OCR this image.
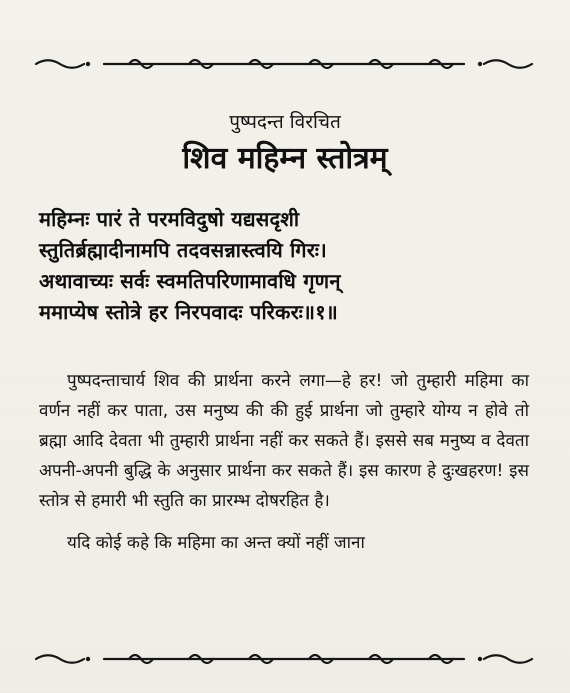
पुष्पदन्त विरचित
शिव महिम्न स्तोत्रम्
महिम्नः पारं ते परमविदुषो यद्यसदृशी
स्तुतिर्ब्रह्मादीनामपि तदवसन्नास्त्वयि गिरः।
अथावाच्यः सर्वः स्वमतिपरिणामावधि गृणन्
ममाप्येष स्तोत्रे हर निरपवादः परिकरः॥१॥

पुष्पदन्ताचार्य शिव की प्रार्थना करने लगा—हे हर! जो तुम्हारी महिमा का वर्णन नहीं कर पाता, उस मनुष्य की की हुई प्रार्थना जो तुम्हारे योग्य न होवे तो ब्रह्मा आदि देवता भी तुम्हारी प्रार्थना नहीं कर सकते हैं। इससे सब मनुष्य व देवता अपनी-अपनी बुद्धि के अनुसार प्रार्थना कर सकते हैं। इस कारण हे दुःखहरण! इस स्तोत्र से हमारी भी स्तुति का प्रारम्भ दोषरहित है।

यदि कोई कहे कि महिमा का अन्त क्यों नहीं जाना
